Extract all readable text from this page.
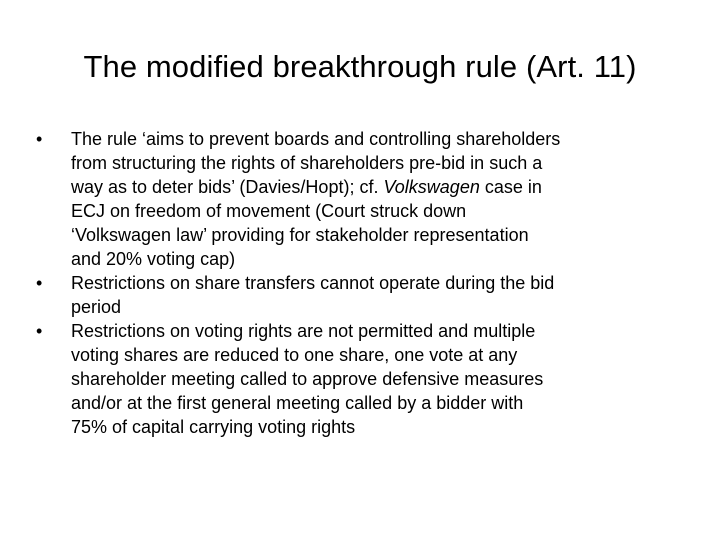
The modified breakthrough rule (Art. 11)
•	The rule ‘aims to prevent boards and controlling shareholders
from structuring the rights of shareholders pre-bid in such a
way as to deter bids’ (Davies/Hopt); cf. Volkswagen case in
ECJ on freedom of movement (Court struck down
‘Volkswagen law’ providing for stakeholder representation
and 20% voting cap)
•	Restrictions on share transfers cannot operate during the bid
period
•	Restrictions on voting rights are not permitted and multiple
voting shares are reduced to one share, one vote at any
shareholder meeting called to approve defensive measures
and/or at the first general meeting called by a bidder with
75% of capital carrying voting rights
